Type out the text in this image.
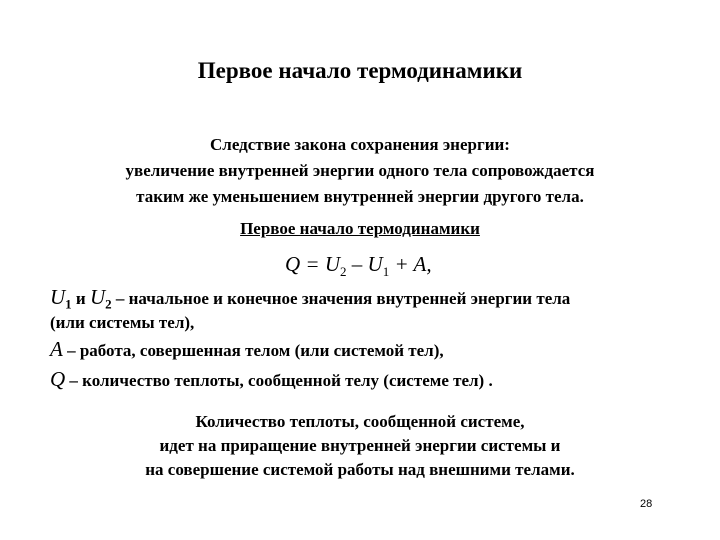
Первое начало термодинамики
Следствие закона сохранения энергии:
увеличение внутренней энергии одного тела сопровождается
таким же уменьшением внутренней энергии другого тела.
Первое начало термодинамики
$Q = U_2 - U_1 + A$,
$U_1$ и $U_2$ – начальное и конечное значения внутренней энергии тела
(или системы тел),
A – работа, совершенная телом (или системой тел),
Q – количество теплоты, сообщенной телу (системе тел) .
Количество теплоты, сообщенной системе,
идет на приращение внутренней энергии системы и
на совершение системой работы над внешними телами.
28
